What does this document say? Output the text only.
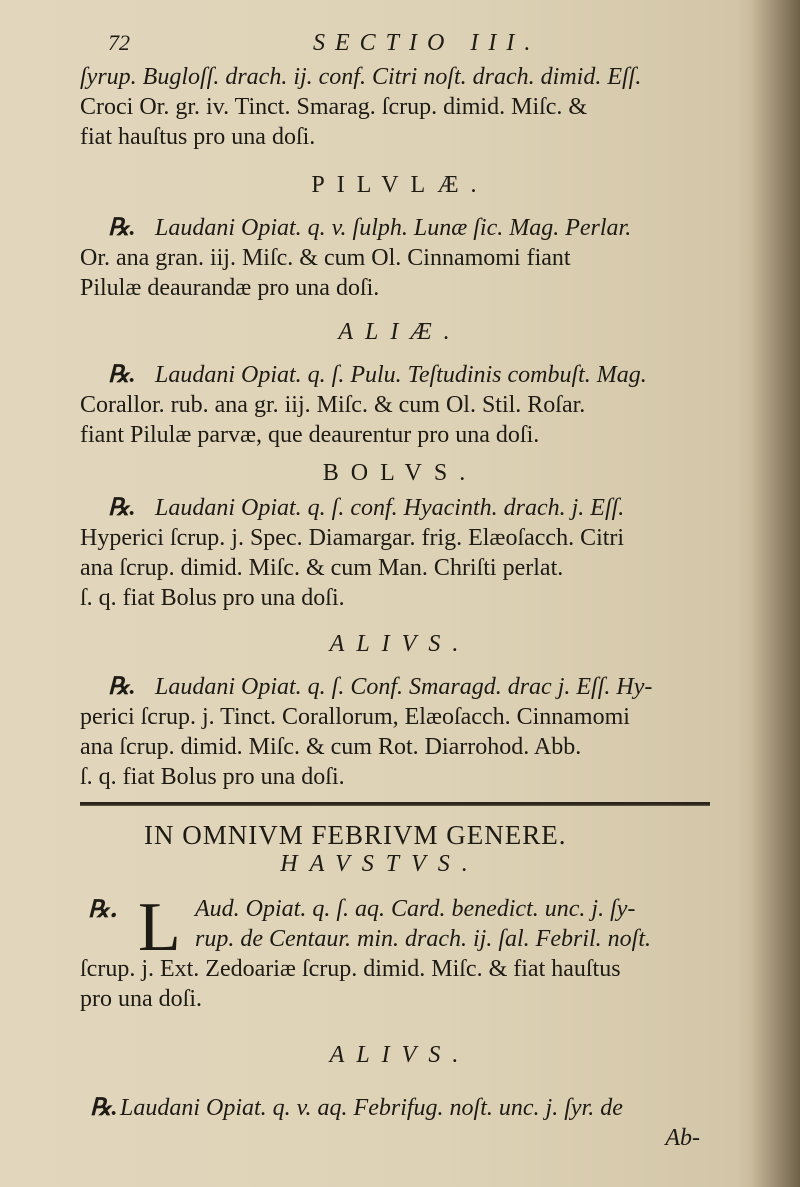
72	SECTIO III.
ſyrup. Bugloſſ. drach. ij. conf. Citri noſt. drach. dimid. Eſſ.
Croci Or. gr. iv. Tinct. Smarag. ſcrup. dimid. Miſc. &
fiat hauſtus pro una doſi.
PILVLÆ.
℞. Laudani Opiat. q. v. ſulph. Lunæ ſic. Mag. Perlar.
Or. ana gran. iij. Miſc. & cum Ol. Cinnamomi fiant
Pilulæ deaurandæ pro una doſi.
ALIÆ.
℞. Laudani Opiat. q. ſ. Pulu. Teſtudinis combuſt. Mag.
Corallor. rub. ana gr. iij. Miſc. & cum Ol. Stil. Roſar.
fiant Pilulæ parvæ, que deaurentur pro una doſi.
BOLVS.
℞. Laudani Opiat. q. ſ. conf. Hyacinth. drach. j. Eſſ.
Hyperici ſcrup. j. Spec. Diamargar. frig. Elæoſacch. Citri
ana ſcrup. dimid. Miſc. & cum Man. Chriſti perlat.
ſ. q. fiat Bolus pro una doſi.
ALIVS.
℞. Laudani Opiat. q. ſ. Conf. Smaragd. drac j. Eſſ. Hy-
perici ſcrup. j. Tinct. Corallorum, Elæoſacch. Cinnamomi
ana ſcrup. dimid. Miſc. & cum Rot. Diarrohod. Abb.
ſ. q. fiat Bolus pro una doſi.
IN OMNIVM FEBRIVM GENERE.
HAVSTVS.
℞. L Aud. Opiat. q. ſ. aq. Card. benedict. unc. j. ſy-
rup. de Centaur. min. drach. ij. ſal. Febril. noſt.
ſcrup. j. Ext. Zedoariæ ſcrup. dimid. Miſc. & fiat hauſtus
pro una doſi.
ALIVS.
℞. Laudani Opiat. q. v. aq. Febrifug. noſt. unc. j. ſyr. de
Ab-
